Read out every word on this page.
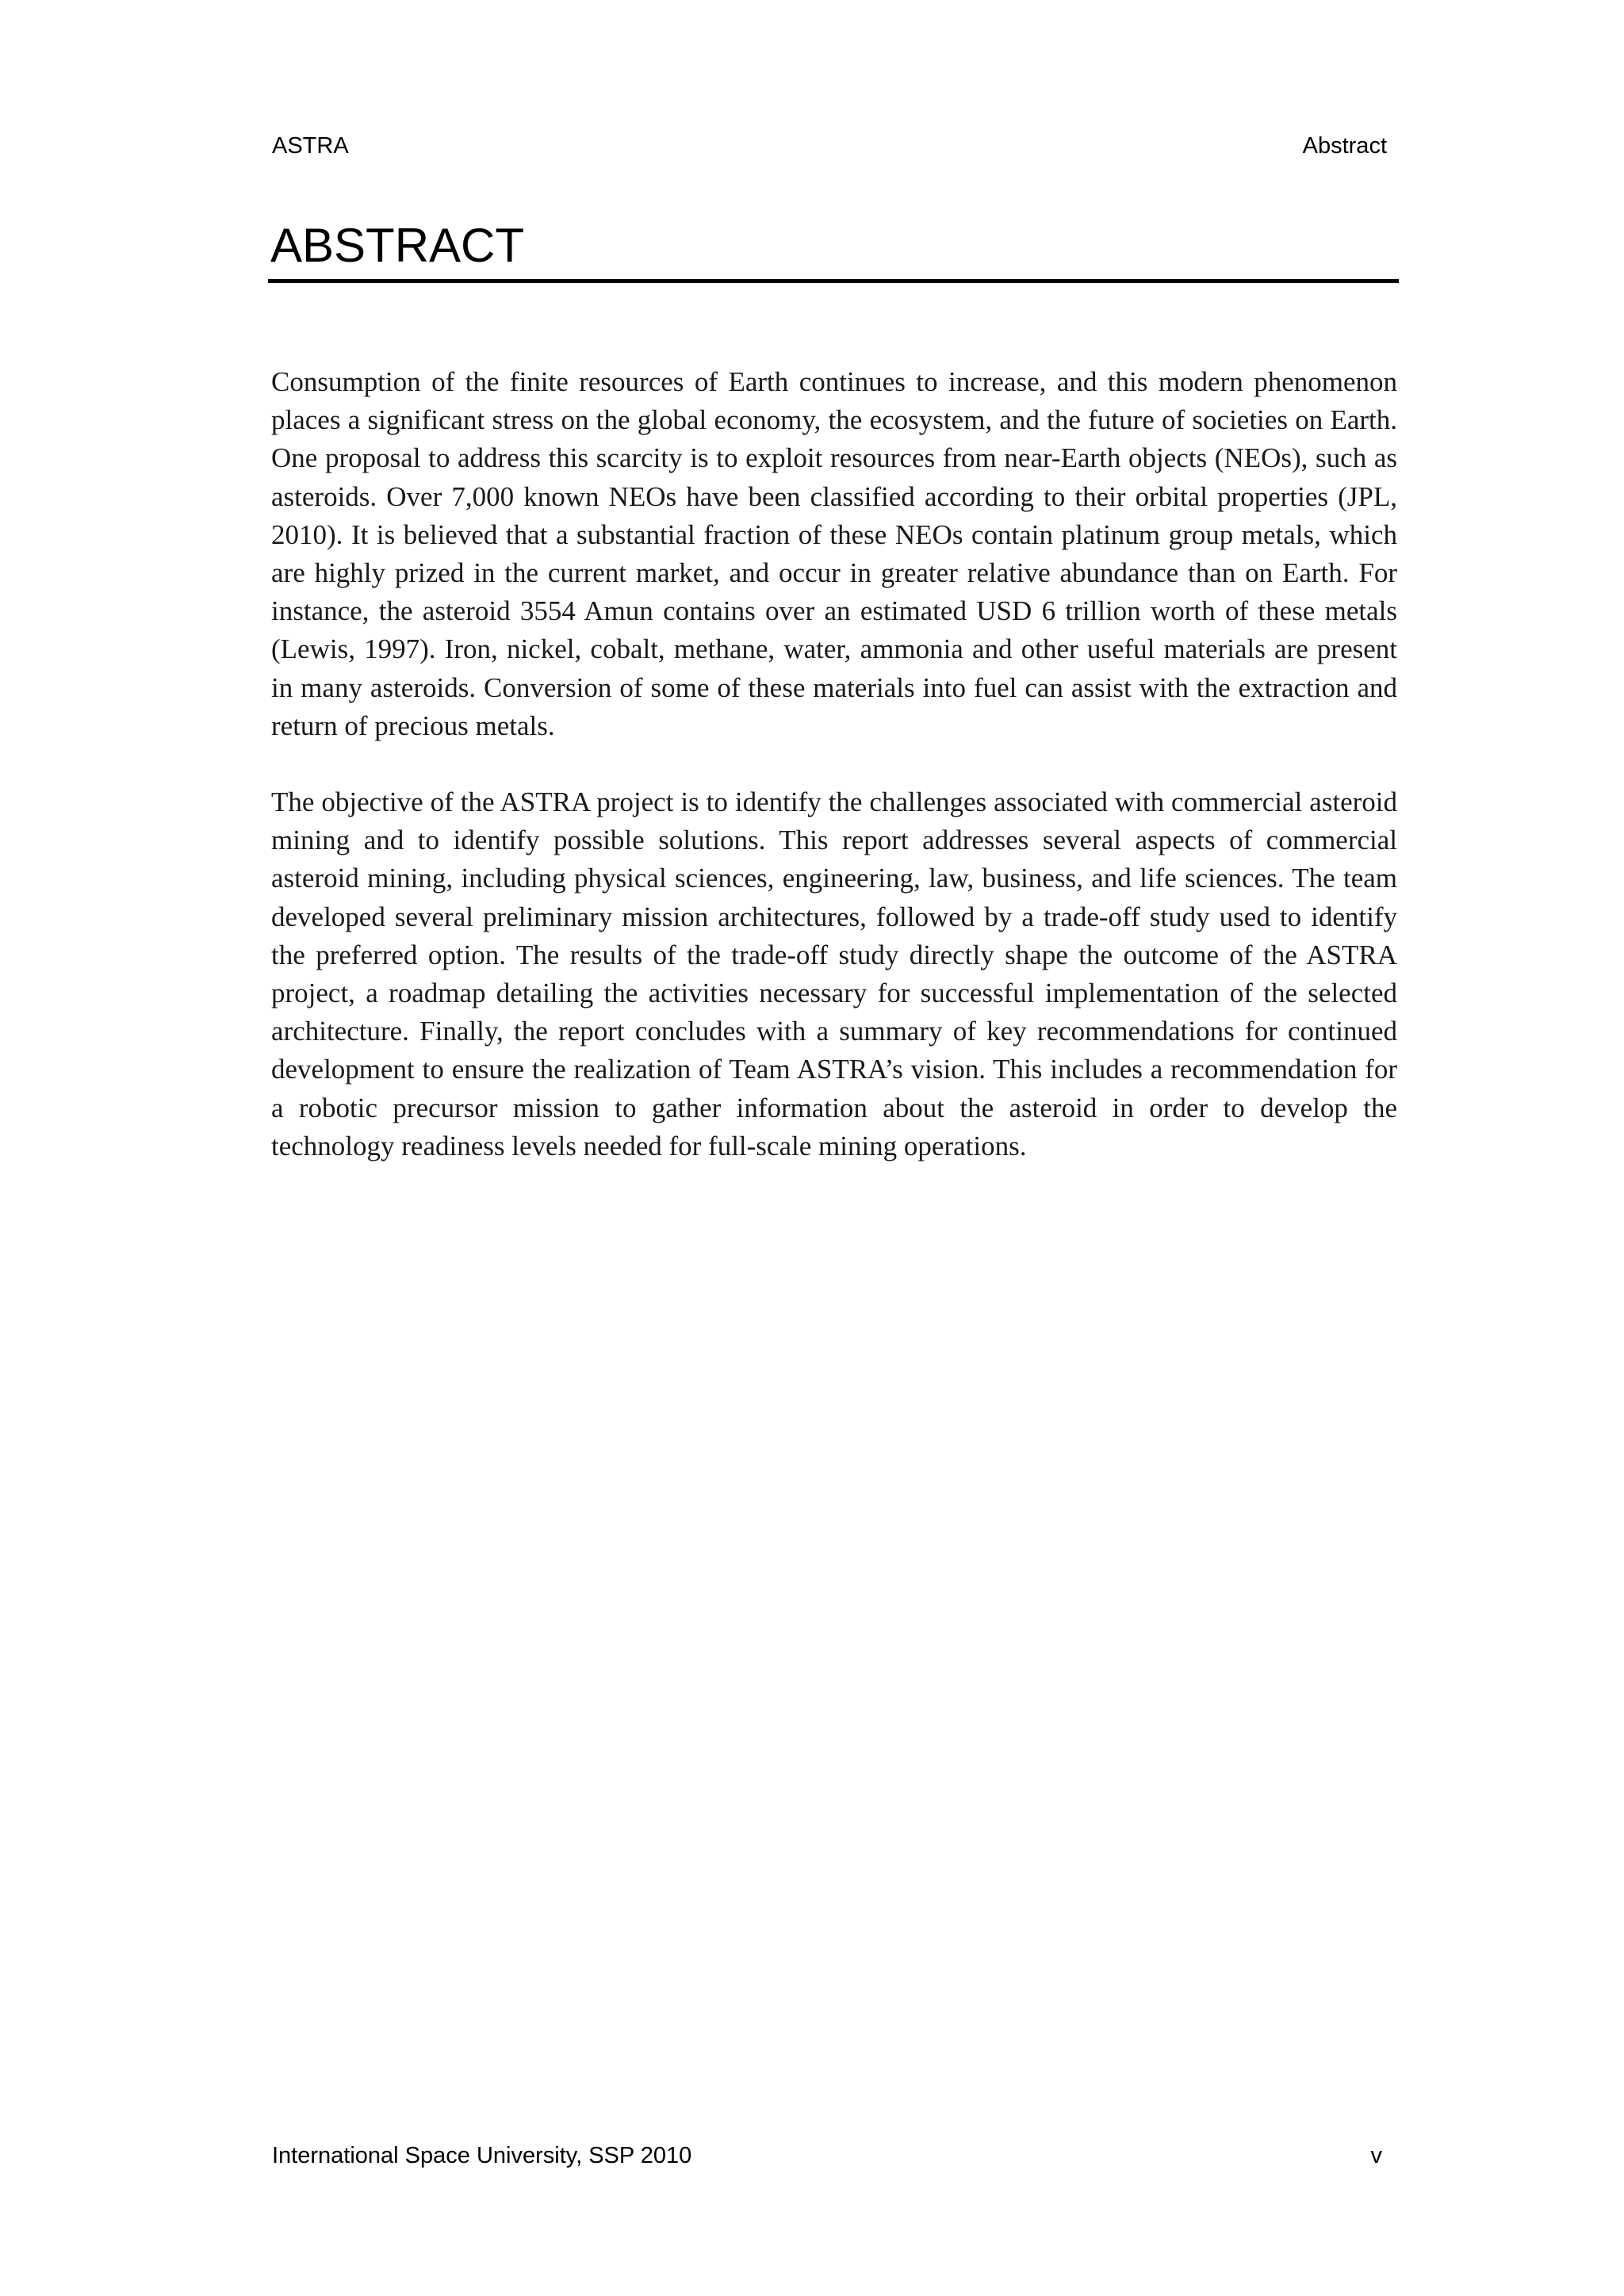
ASTRA	Abstract
ABSTRACT

Consumption of the finite resources of Earth continues to increase, and this modern phenomenon places a significant stress on the global economy, the ecosystem, and the future of societies on Earth. One proposal to address this scarcity is to exploit resources from near-Earth objects (NEOs), such as asteroids. Over 7,000 known NEOs have been classified according to their orbital properties (JPL, 2010). It is believed that a substantial fraction of these NEOs contain platinum group metals, which are highly prized in the current market, and occur in greater relative abundance than on Earth. For instance, the asteroid 3554 Amun contains over an estimated USD 6 trillion worth of these metals (Lewis, 1997). Iron, nickel, cobalt, methane, water, ammonia and other useful materials are present in many asteroids. Conversion of some of these materials into fuel can assist with the extraction and return of precious metals.

The objective of the ASTRA project is to identify the challenges associated with commercial asteroid mining and to identify possible solutions. This report addresses several aspects of commercial asteroid mining, including physical sciences, engineering, law, business, and life sciences. The team developed several preliminary mission architectures, followed by a trade-off study used to identify the preferred option. The results of the trade-off study directly shape the outcome of the ASTRA project, a roadmap detailing the activities necessary for successful implementation of the selected architecture. Finally, the report concludes with a summary of key recommendations for continued development to ensure the realization of Team ASTRA’s vision. This includes a recommendation for a robotic precursor mission to gather information about the asteroid in order to develop the technology readiness levels needed for full-scale mining operations.

International Space University, SSP 2010	v
